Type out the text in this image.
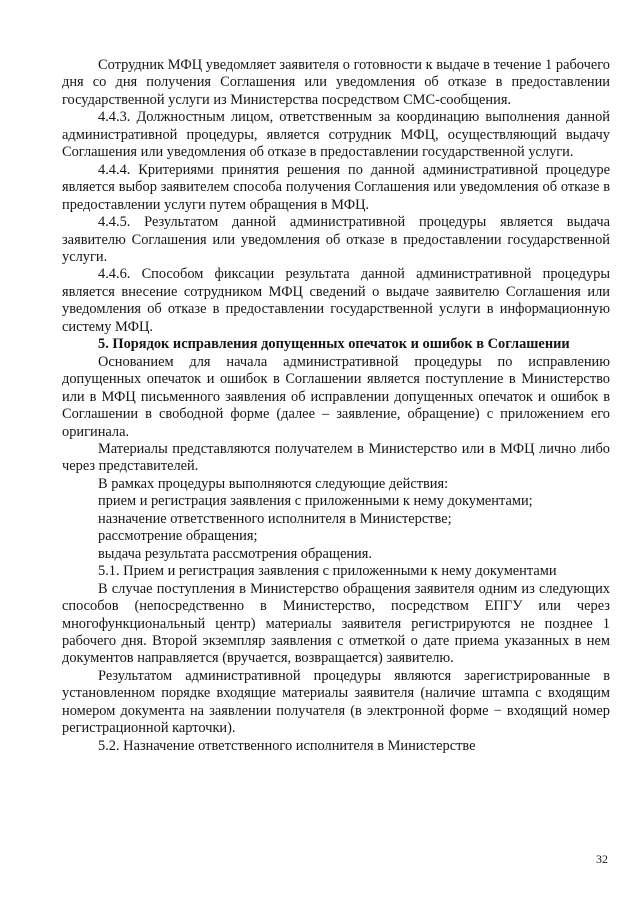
Сотрудник МФЦ уведомляет заявителя о готовности к выдаче в течение 1 рабочего дня со дня получения Соглашения или уведомления об отказе в предоставлении государственной услуги из Министерства посредством СМС-сообщения.

4.4.3. Должностным лицом, ответственным за координацию выполнения данной административной процедуры, является сотрудник МФЦ, осуществляющий выдачу Соглашения или уведомления об отказе в предоставлении государственной услуги.

4.4.4. Критериями принятия решения по данной административной процедуре является выбор заявителем способа получения Соглашения или уведомления об отказе в предоставлении услуги путем обращения в МФЦ.

4.4.5. Результатом данной административной процедуры является выдача заявителю Соглашения или уведомления об отказе в предоставлении государственной услуги.

4.4.6. Способом фиксации результата данной административной процедуры является внесение сотрудником МФЦ сведений о выдаче заявителю Соглашения или уведомления об отказе в предоставлении государственной услуги в информационную систему МФЦ.

5. Порядок исправления допущенных опечаток и ошибок в Соглашении

Основанием для начала административной процедуры по исправлению допущенных опечаток и ошибок в Соглашении является поступление в Министерство или в МФЦ письменного заявления об исправлении допущенных опечаток и ошибок в Соглашении в свободной форме (далее – заявление, обращение) с приложением его оригинала.

Материалы представляются получателем в Министерство или в МФЦ лично либо через представителей.

В рамках процедуры выполняются следующие действия:

прием и регистрация заявления с приложенными к нему документами;

назначение ответственного исполнителя в Министерстве;

рассмотрение обращения;

выдача результата рассмотрения обращения.

5.1. Прием и регистрация заявления с приложенными к нему документами

В случае поступления в Министерство обращения заявителя одним из следующих способов (непосредственно в Министерство, посредством ЕПГУ или через многофункциональный центр) материалы заявителя регистрируются не позднее 1 рабочего дня. Второй экземпляр заявления с отметкой о дате приема указанных в нем документов направляется (вручается, возвращается) заявителю.

Результатом административной процедуры являются зарегистрированные в установленном порядке входящие материалы заявителя (наличие штампа с входящим номером документа на заявлении получателя (в электронной форме − входящий номер регистрационной карточки).

5.2. Назначение ответственного исполнителя в Министерстве

32
